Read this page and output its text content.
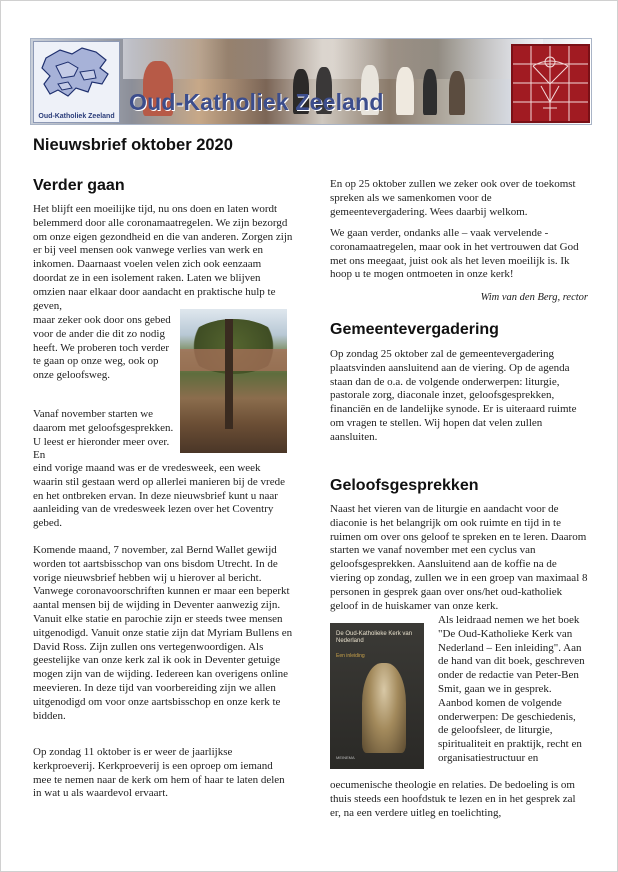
Oud-Katholiek Zeeland
Oud-Katholiek Zeeland
Nieuwsbrief oktober 2020
Verder gaan

Het blijft een moeilijke tijd, nu ons doen en laten wordt belemmerd door alle coronamaatregelen. We zijn bezorgd om onze eigen gezondheid en die van anderen. Zorgen zijn er bij veel mensen ook vanwege verlies van werk en inkomen. Daarnaast voelen velen zich ook eenzaam doordat ze in een isolement raken. Laten we blijven omzien naar elkaar door aandacht en praktische hulp te geven,

maar zeker ook door ons gebed voor de ander die dit zo nodig heeft. We proberen toch verder te gaan op onze weg, ook op onze geloofsweg.

Vanaf november starten we daarom met geloofsgesprekken. U leest er hieronder meer over. En

eind vorige maand was er de vredesweek, een week waarin stil gestaan werd op allerlei manieren bij de vrede en het ontbreken ervan. In deze nieuwsbrief kunt u naar aanleiding van de vredesweek lezen over het Coventry gebed.

Komende maand, 7 november, zal Bernd Wallet gewijd worden tot aartsbisschop van ons bisdom Utrecht. In de vorige nieuwsbrief hebben wij u hierover al bericht. Vanwege coronavoorschriften kunnen er maar een beperkt aantal mensen bij de wijding in Deventer aanwezig zijn. Vanuit elke statie en parochie zijn er steeds twee mensen uitgenodigd. Vanuit onze statie zijn dat Myriam Bullens en David Ross. Zijn zullen ons vertegenwoordigen. Als geestelijke van onze kerk zal ik ook in Deventer getuige mogen zijn van de wijding. Iedereen kan overigens online meevieren. In deze tijd van voorbereiding zijn we allen uitgenodigd om voor onze aartsbisschop en onze kerk te bidden.

Op zondag 11 oktober is er weer de jaarlijkse kerkproeverij. Kerkproeverij is een oproep om iemand mee te nemen naar de kerk om hem of haar te laten delen in wat u als waardevol ervaart.

En op 25 oktober zullen we zeker ook over de toekomst spreken als we samenkomen voor de gemeentevergadering. Wees daarbij welkom.

We gaan verder, ondanks alle – vaak vervelende - coronamaatregelen, maar ook in het vertrouwen dat God met ons meegaat, juist ook als het leven moeilijk is. Ik hoop u te mogen ontmoeten in onze kerk!

Wim van den Berg, rector
Gemeentevergadering

Op zondag 25 oktober zal de gemeentevergadering plaatsvinden aansluitend aan de viering. Op de agenda staan dan de o.a. de volgende onderwerpen: liturgie, pastorale zorg, diaconale inzet, geloofsgesprekken, financiën en de landelijke synode. Er is uiteraard ruimte om vragen te stellen. Wij hopen dat velen zullen aansluiten.

Geloofsgesprekken

Naast het vieren van de liturgie en aandacht voor de diaconie is het belangrijk om ook ruimte en tijd in te ruimen om over ons geloof te spreken en te leren. Daarom starten we vanaf november met een cyclus van geloofsgesprekken. Aansluitend aan de koffie na de viering op zondag, zullen we in een groep van maximaal 8 personen in gesprek gaan over ons/het oud-katholiek geloof in de huiskamer van onze kerk.

De Oud-Katholieke Kerk van Nederland
Een inleiding
MEINEMA

Als leidraad nemen we het boek "De Oud-Katholieke Kerk van Nederland – Een inleiding". Aan de hand van dit boek, geschreven onder de redactie van Peter-Ben Smit, gaan we in gesprek. Aanbod komen de volgende onderwerpen: De geschiedenis, de geloofsleer, de liturgie, spiritualiteit en praktijk, recht en organisatiestructuur en

oecumenische theologie en relaties. De bedoeling is om thuis steeds een hoofdstuk te lezen en in het gesprek zal er, na een verdere uitleg en toelichting,
